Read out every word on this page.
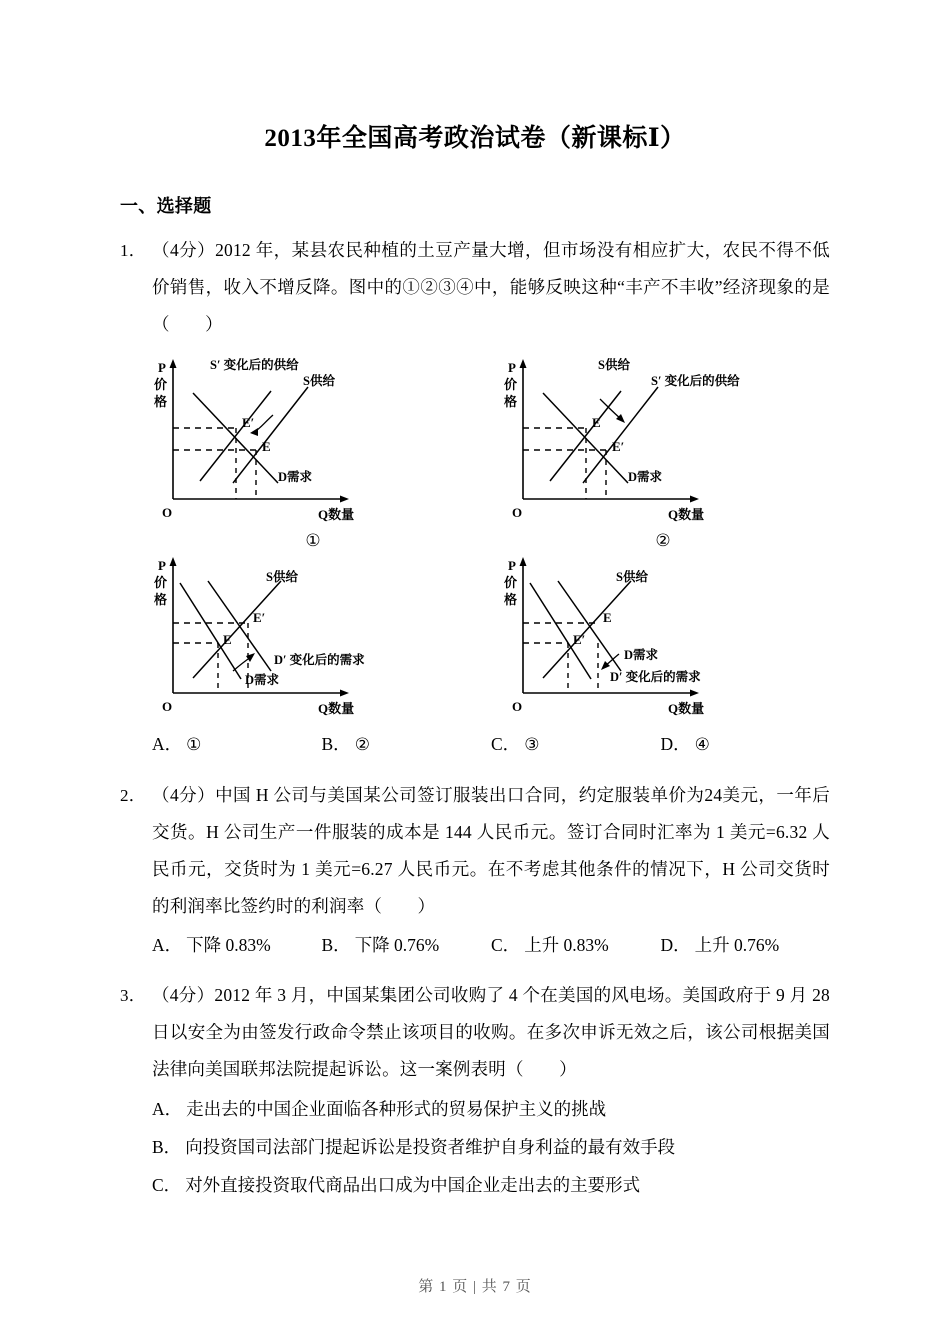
2013年全国高考政治试卷（新课标Ⅰ）
一、选择题
1． （4分）2012 年，某县农民种植的土豆产量大增，但市场没有相应扩大，农民不得不低价销售，收入不增反降。图中的①②③④中，能够反映这种“丰产不丰收”经济现象的是（　　）
P
价
格
O	Q数量
S′ 变化后的供给
S供给
D需求
E′
E
①
P
价
格
O	Q数量
S供给
S′ 变化后的供给
D需求
E
E′
②
P
价
格
O	Q数量
S供给
D需求
D′ 变化后的需求
E′
E
P
价
格
O	Q数量
S供给
D需求
D′ 变化后的需求
E
E′
A． ①	B． ②	C． ③	D． ④
2． （4分）中国 H 公司与美国某公司签订服装出口合同，约定服装单价为24美元，一年后交货。H 公司生产一件服装的成本是 144 人民币元。签订合同时汇率为 1 美元=6.32 人民币元，交货时为 1 美元=6.27 人民币元。在不考虑其他条件的情况下，H 公司交货时的利润率比签约时的利润率（　　）
A． 下降 0.83%	B． 下降 0.76%	C． 上升 0.83%	D． 上升 0.76%
3． （4分）2012 年 3 月，中国某集团公司收购了 4 个在美国的风电场。美国政府于 9 月 28 日以安全为由签发行政命令禁止该项目的收购。在多次申诉无效之后，该公司根据美国法律向美国联邦法院提起诉讼。这一案例表明（　　）
A． 走出去的中国企业面临各种形式的贸易保护主义的挑战
B． 向投资国司法部门提起诉讼是投资者维护自身利益的最有效手段
C． 对外直接投资取代商品出口成为中国企业走出去的主要形式
第 1 页 | 共 7 页
